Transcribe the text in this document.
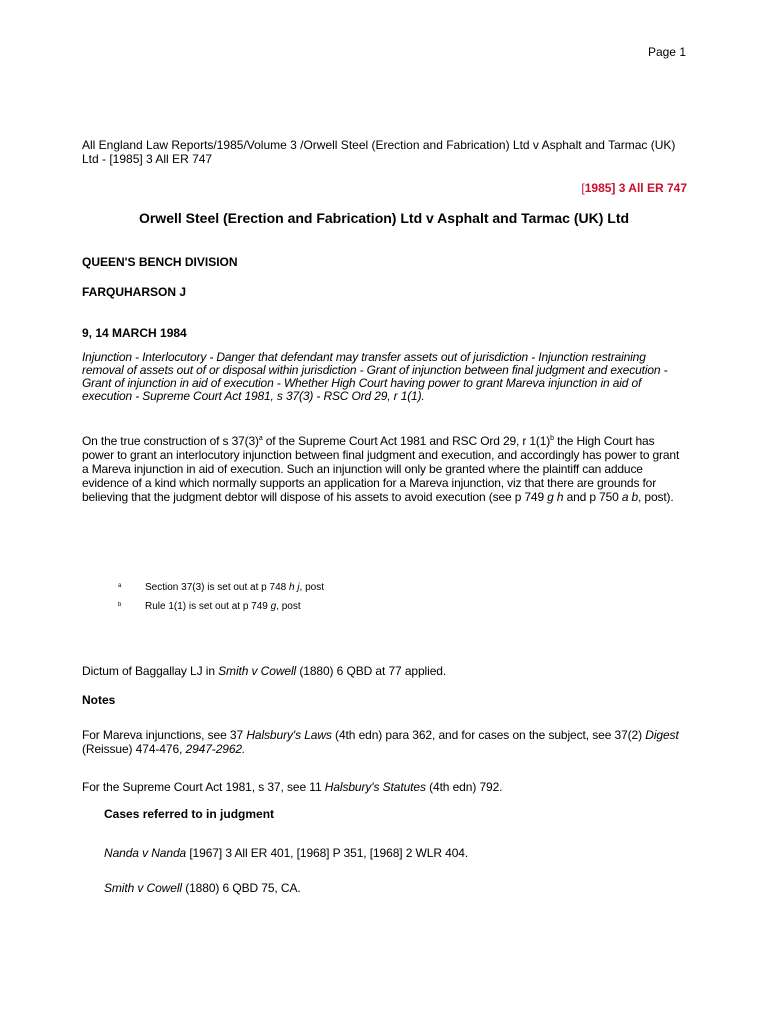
Page 1
All England Law Reports/1985/Volume 3 /Orwell Steel (Erection and Fabrication) Ltd v Asphalt and Tarmac (UK) Ltd - [1985] 3 All ER 747
[1985] 3 All ER 747
Orwell Steel (Erection and Fabrication) Ltd v Asphalt and Tarmac (UK) Ltd
QUEEN'S BENCH DIVISION
FARQUHARSON J
9, 14 MARCH 1984
Injunction - Interlocutory - Danger that defendant may transfer assets out of jurisdiction - Injunction restraining removal of assets out of or disposal within jurisdiction - Grant of injunction between final judgment and execution - Grant of injunction in aid of execution - Whether High Court having power to grant Mareva injunction in aid of execution - Supreme Court Act 1981, s 37(3) - RSC Ord 29, r 1(1).
On the true construction of s $37(3)^a$ of the Supreme Court Act 1981 and RSC Ord 29, r $1(1)^b$ the High Court has power to grant an interlocutory injunction between final judgment and execution, and accordingly has power to grant a Mareva injunction in aid of execution. Such an injunction will only be granted where the plaintiff can adduce evidence of a kind which normally supports an application for a Mareva injunction, viz that there are grounds for believing that the judgment debtor will dispose of his assets to avoid execution (see p 749 g h and p 750 a b, post).
a Section 37(3) is set out at p 748 h j, post
b Rule 1(1) is set out at p 749 g, post
Dictum of Baggallay LJ in Smith v Cowell (1880) 6 QBD at 77 applied.
Notes
For Mareva injunctions, see 37 Halsbury's Laws (4th edn) para 362, and for cases on the subject, see 37(2) Digest (Reissue) 474-476, 2947-2962.
For the Supreme Court Act 1981, s 37, see 11 Halsbury's Statutes (4th edn) 792.
Cases referred to in judgment
Nanda v Nanda [1967] 3 All ER 401, [1968] P 351, [1968] 2 WLR 404.
Smith v Cowell (1880) 6 QBD 75, CA.
